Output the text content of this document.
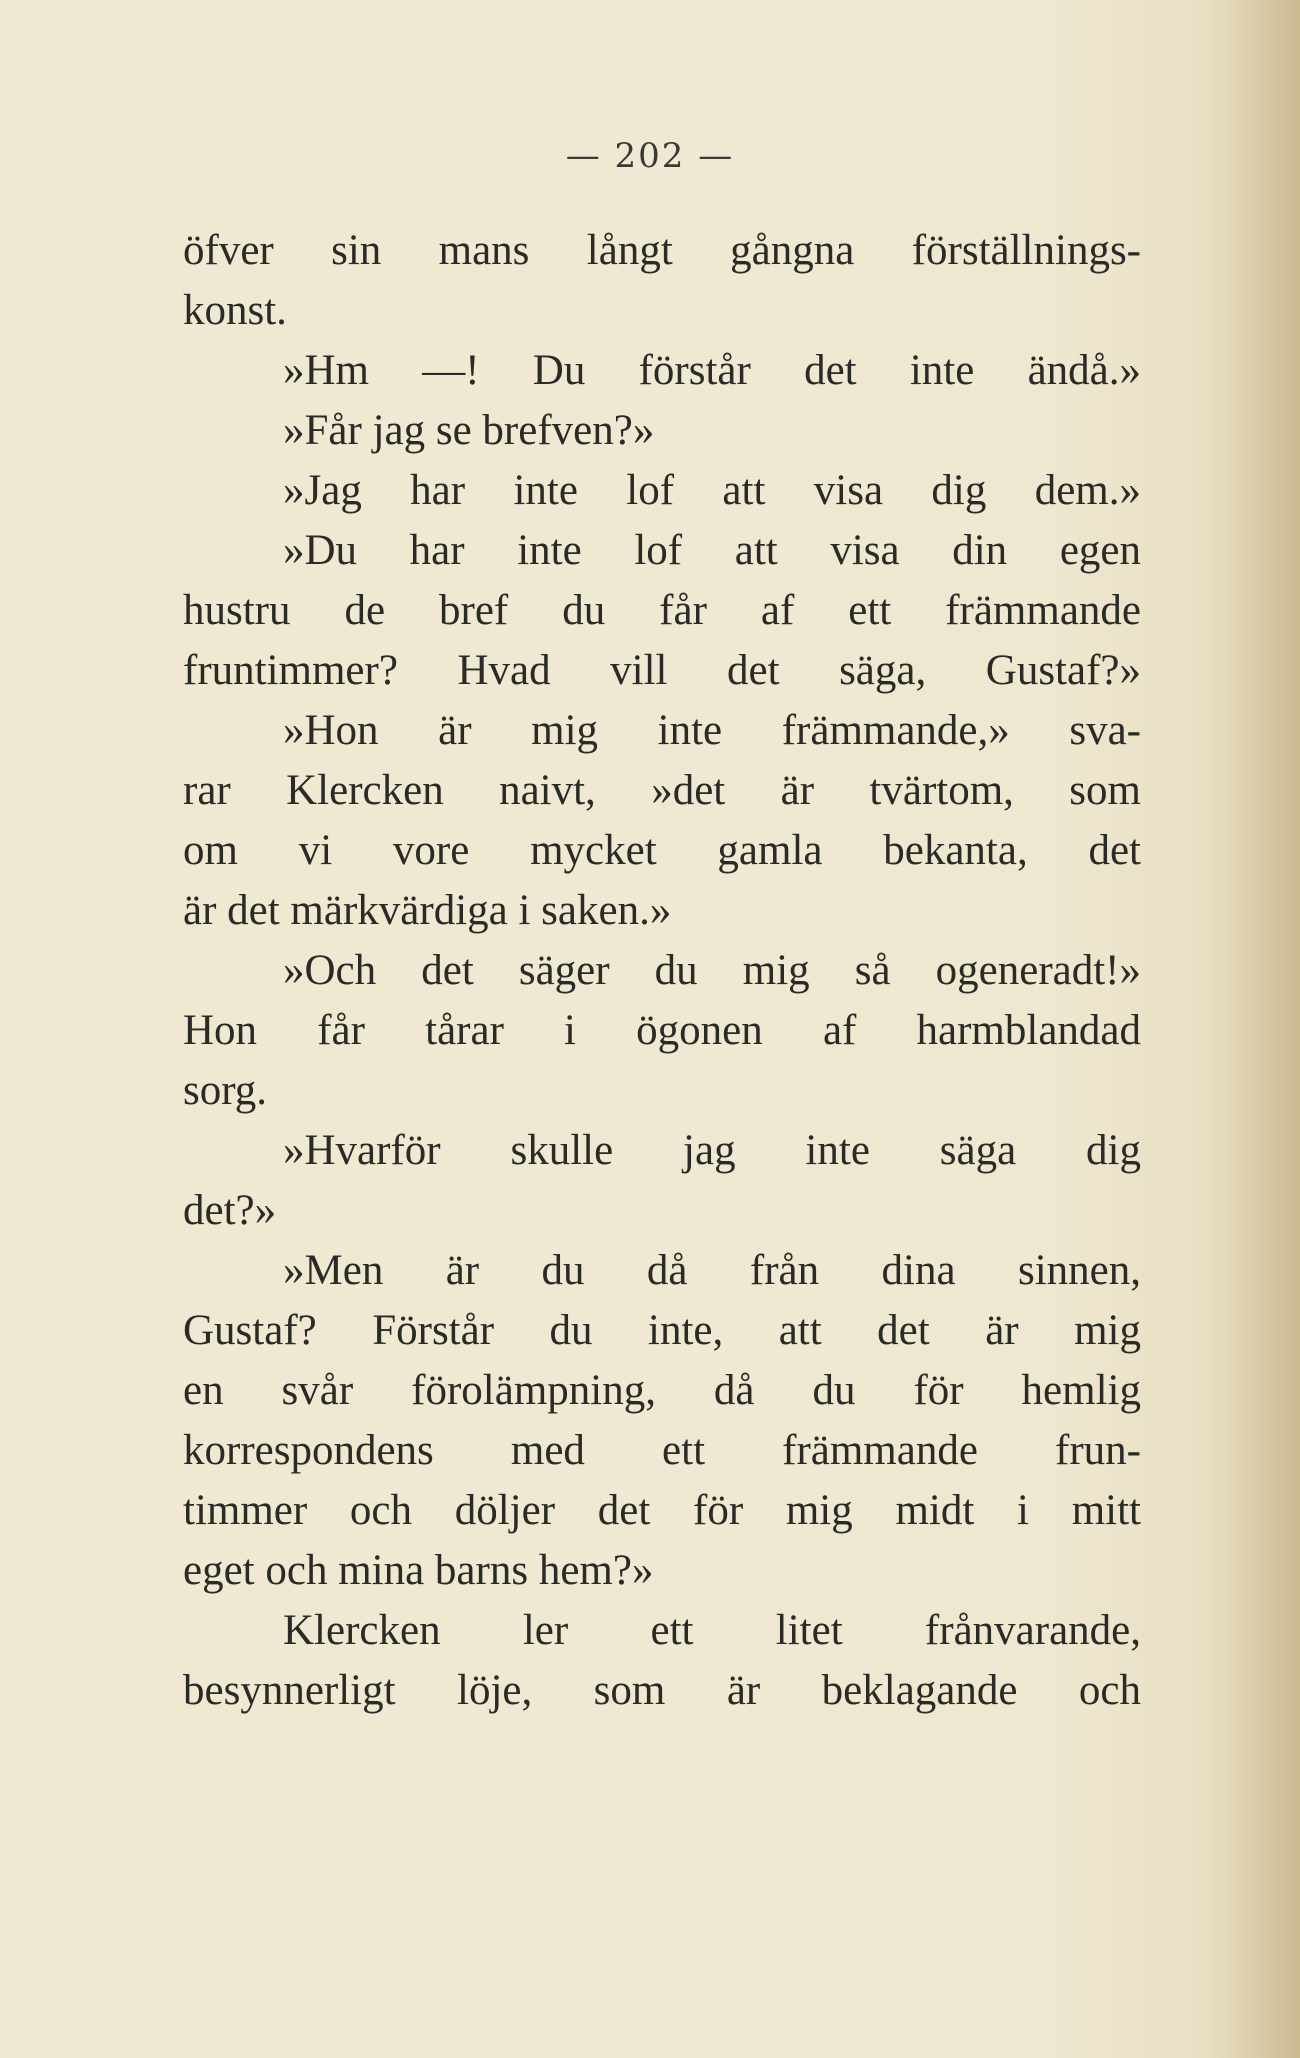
— 202 —
öfver sin mans långt gångna förställnings-
konst.
»Hm —! Du förstår det inte ändå.»
»Får jag se brefven?»
»Jag har inte lof att visa dig dem.»
»Du har inte lof att visa din egen
hustru de bref du får af ett främmande
fruntimmer? Hvad vill det säga, Gustaf?»
»Hon är mig inte främmande,» sva-
rar Klercken naivt, »det är tvärtom, som
om vi vore mycket gamla bekanta, det
är det märkvärdiga i saken.»
»Och det säger du mig så ogeneradt!»
Hon får tårar i ögonen af harmblandad
sorg.
»Hvarför skulle jag inte säga dig
det?»
»Men är du då från dina sinnen,
Gustaf? Förstår du inte, att det är mig
en svår förolämpning, då du för hemlig
korrespondens med ett främmande frun-
timmer och döljer det för mig midt i mitt
eget och mina barns hem?»
Klercken ler ett litet frånvarande,
besynnerligt löje, som är beklagande och
